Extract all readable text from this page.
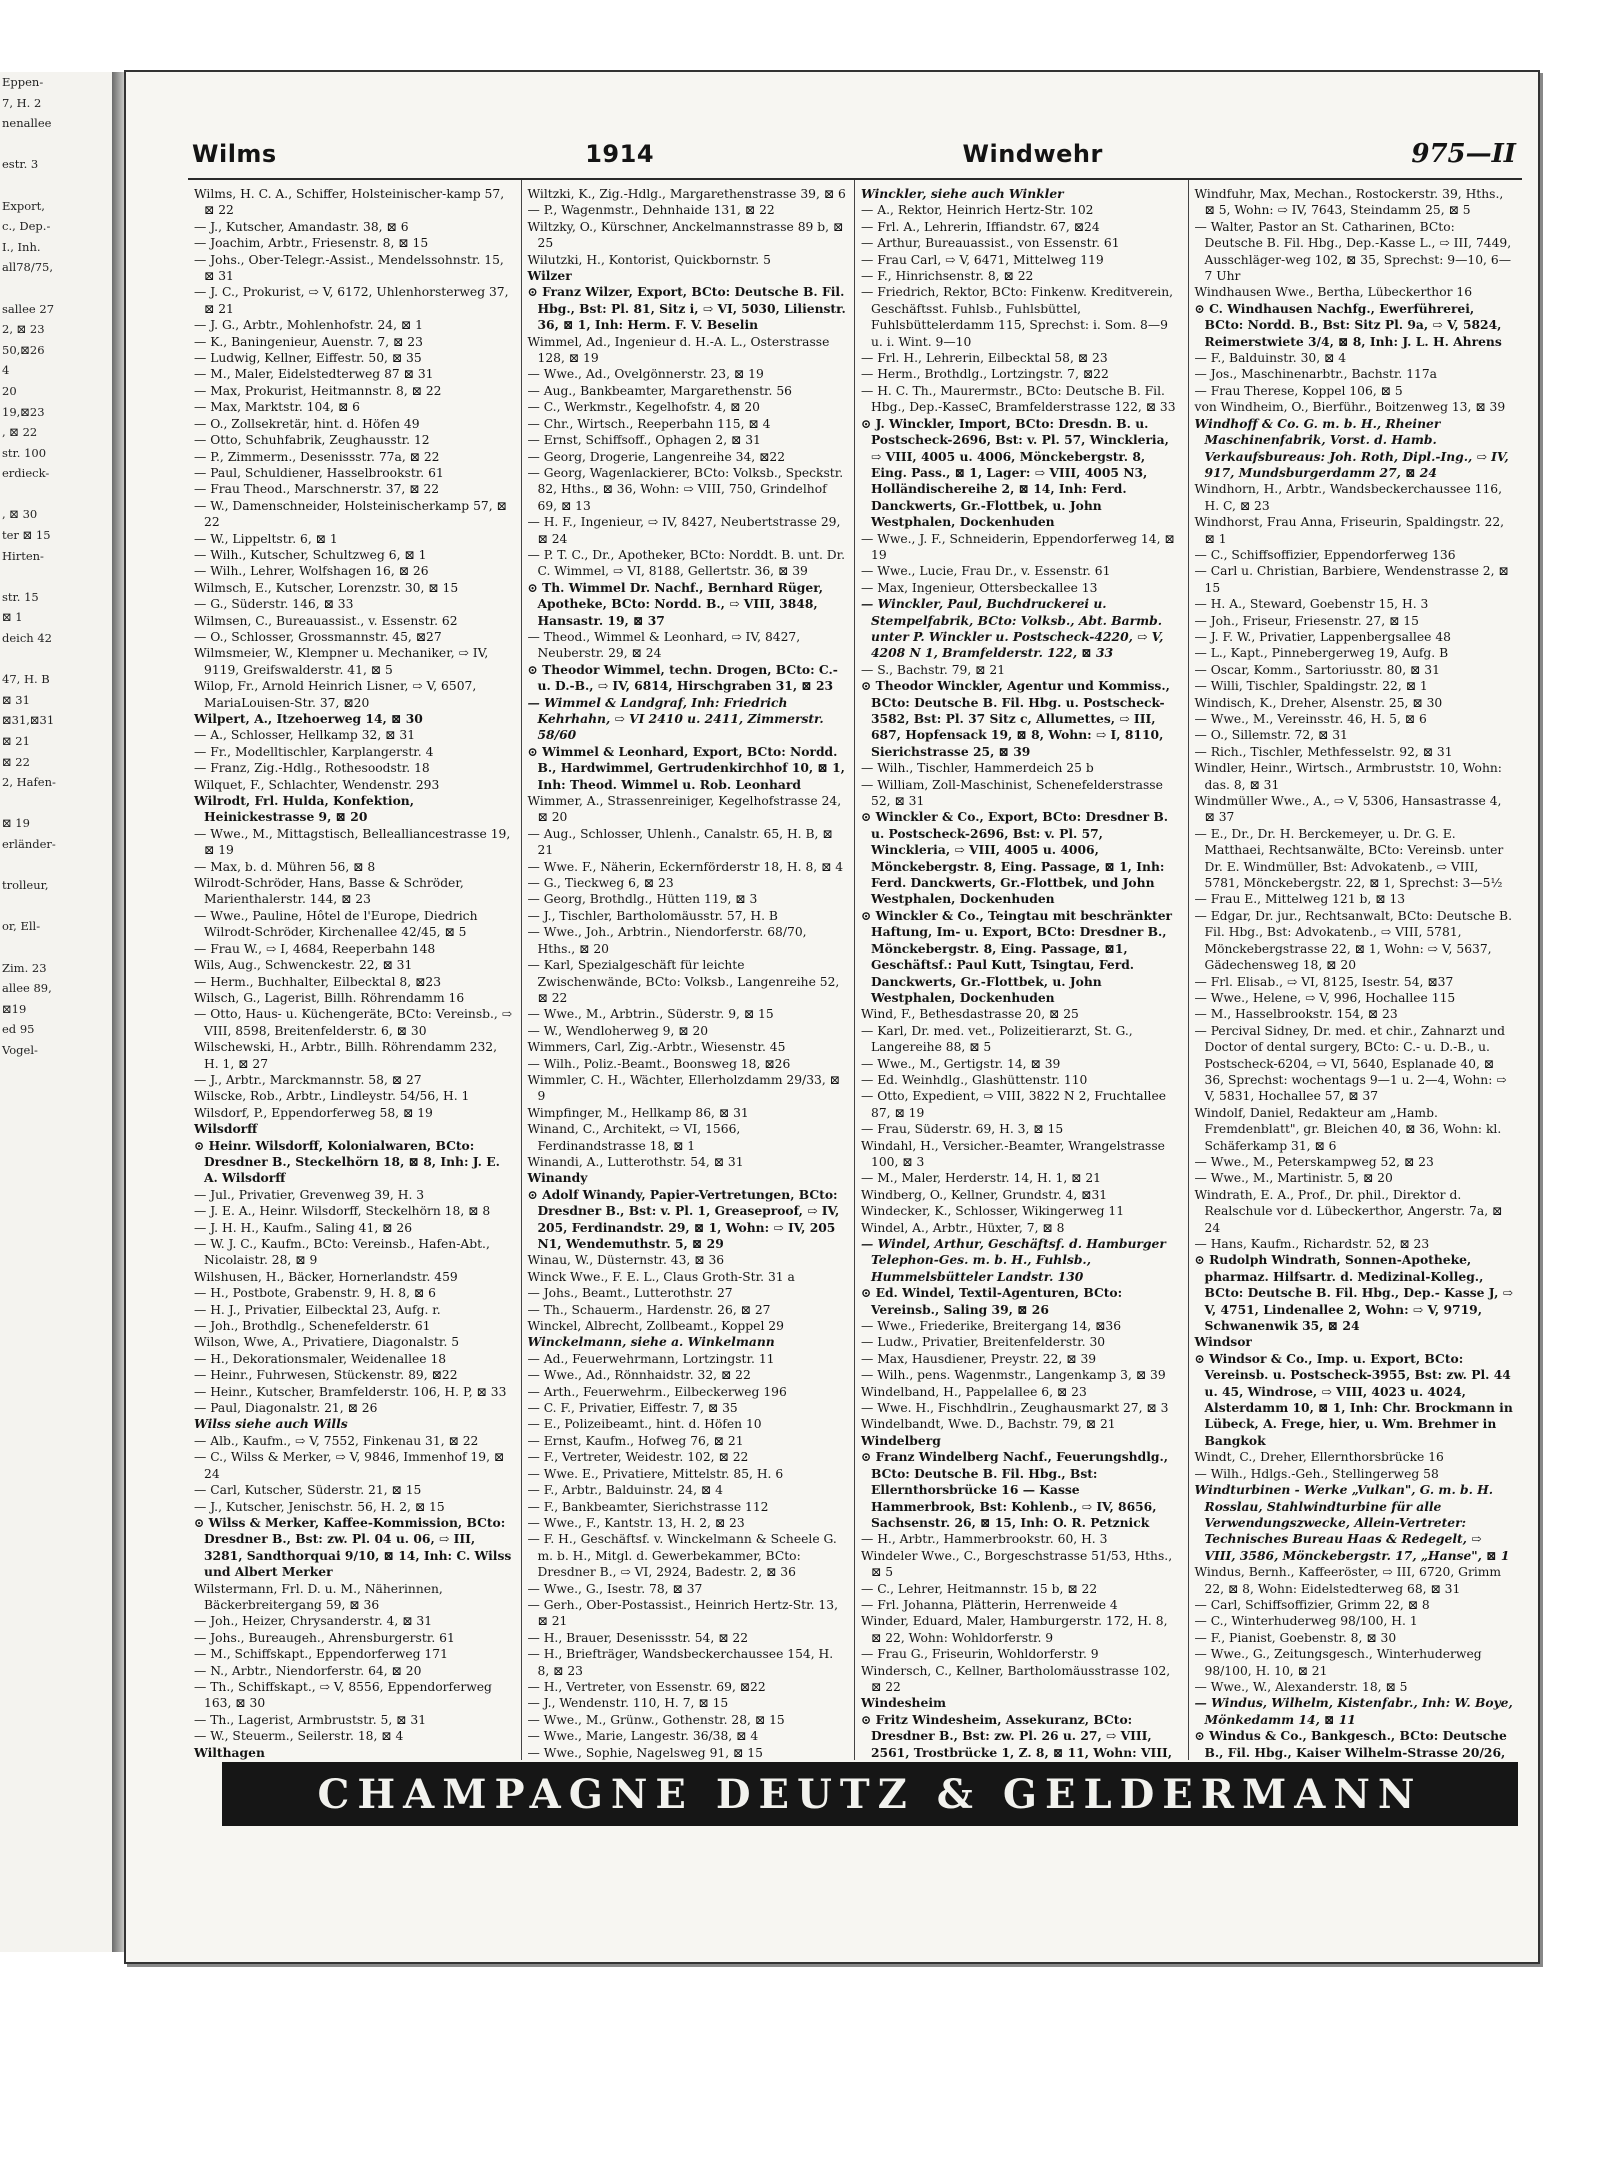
Eppen-
7, H. 2
nenallee

estr. 3

Export,
c., Dep.-
I., Inh.
all78/75,

sallee 27
2, ⊠ 23
50,⊠26
4
20
19,⊠23
, ⊠ 22
str. 100
erdieck-

, ⊠ 30
ter ⊠ 15
Hirten-

str. 15
⊠ 1
deich 42

47, H. B
⊠ 31
⊠31,⊠31
⊠ 21
⊠ 22
2, Hafen-

⊠ 19
erländer-

trolleur,

or, Ell-

Zim. 23
allee 89,
⊠19
ed 95
Vogel-
Wilms	1914	Windwehr	975—II
Wilms, H. C. A., Schiffer, Holsteinischer-kamp 57, ⊠ 22
— J., Kutscher, Amandastr. 38, ⊠ 6
— Joachim, Arbtr., Friesenstr. 8, ⊠ 15
— Johs., Ober-Telegr.-Assist., Mendelssohnstr. 15, ⊠ 31
— J. C., Prokurist, ⇨ V, 6172, Uhlenhorsterweg 37, ⊠ 21
— J. G., Arbtr., Mohlenhofstr. 24, ⊠ 1
— K., Baningenieur, Auenstr. 7, ⊠ 23
— Ludwig, Kellner, Eiffestr. 50, ⊠ 35
— M., Maler, Eidelstedterweg 87 ⊠ 31
— Max, Prokurist, Heitmannstr. 8, ⊠ 22
— Max, Marktstr. 104, ⊠ 6
— O., Zollsekretär, hint. d. Höfen 49
— Otto, Schuhfabrik, Zeughausstr. 12
— P., Zimmerm., Desenissstr. 77a, ⊠ 22
— Paul, Schuldiener, Hasselbrookstr. 61
— Frau Theod., Marschnerstr. 37, ⊠ 22
— W., Damenschneider, Holsteinischerkamp 57, ⊠ 22
— W., Lippeltstr. 6, ⊠ 1
— Wilh., Kutscher, Schultzweg 6, ⊠ 1
— Wilh., Lehrer, Wolfshagen 16, ⊠ 26
Wilmsch, E., Kutscher, Lorenzstr. 30, ⊠ 15
— G., Süderstr. 146, ⊠ 33
Wilmsen, C., Bureauassist., v. Essenstr. 62
— O., Schlosser, Grossmannstr. 45, ⊠27
Wilmsmeier, W., Klempner u. Mechaniker, ⇨ IV, 9119, Greifswalderstr. 41, ⊠ 5
Wilop, Fr., Arnold Heinrich Lisner, ⇨ V, 6507, MariaLouisen-Str. 37, ⊠20
Wilpert, A., Itzehoerweg 14, ⊠ 30
— A., Schlosser, Hellkamp 32, ⊠ 31
— Fr., Modelltischler, Karplangerstr. 4
— Franz, Zig.-Hdlg., Rothesoodstr. 18
Wilquet, F., Schlachter, Wendenstr. 293
Wilrodt, Frl. Hulda, Konfektion, Heinickestrasse 9, ⊠ 20
— Wwe., M., Mittagstisch, Bellealliancestrasse 19, ⊠ 19
— Max, b. d. Mühren 56, ⊠ 8
Wilrodt-Schröder, Hans, Basse & Schröder, Marienthalerstr. 144, ⊠ 23
— Wwe., Pauline, Hôtel de l'Europe, Diedrich Wilrodt-Schröder, Kirchenallee 42/45, ⊠ 5
— Frau W., ⇨ I, 4684, Reeperbahn 148
Wils, Aug., Schwenckestr. 22, ⊠ 31
— Herm., Buchhalter, Eilbecktal 8, ⊠23
Wilsch, G., Lagerist, Billh. Röhrendamm 16
— Otto, Haus- u. Küchengeräte, BCto: Vereinsb., ⇨ VIII, 8598, Breitenfelderstr. 6, ⊠ 30
Wilschewski, H., Arbtr., Billh. Röhrendamm 232, H. 1, ⊠ 27
— J., Arbtr., Marckmannstr. 58, ⊠ 27
Wilscke, Rob., Arbtr., Lindleystr. 54/56, H. 1
Wilsdorf, P., Eppendorferweg 58, ⊠ 19
Wilsdorff
⊙ Heinr. Wilsdorff, Kolonialwaren, BCto: Dresdner B., Steckelhörn 18, ⊠ 8, Inh: J. E. A. Wilsdorff
— Jul., Privatier, Grevenweg 39, H. 3
— J. E. A., Heinr. Wilsdorff, Steckelhörn 18, ⊠ 8
— J. H. H., Kaufm., Saling 41, ⊠ 26
— W. J. C., Kaufm., BCto: Vereinsb., Hafen-Abt., Nicolaistr. 28, ⊠ 9
Wilshusen, H., Bäcker, Hornerlandstr. 459
— H., Postbote, Grabenstr. 9, H. 8, ⊠ 6
— H. J., Privatier, Eilbecktal 23, Aufg. r.
— Joh., Brothdlg., Schenefelderstr. 61
Wilson, Wwe, A., Privatiere, Diagonalstr. 5
— H., Dekorationsmaler, Weidenallee 18
— Heinr., Fuhrwesen, Stückenstr. 89, ⊠22
— Heinr., Kutscher, Bramfelderstr. 106, H. P, ⊠ 33
— Paul, Diagonalstr. 21, ⊠ 26
Wilss siehe auch Wills
— Alb., Kaufm., ⇨ V, 7552, Finkenau 31, ⊠ 22
— C., Wilss & Merker, ⇨ V, 9846, Immenhof 19, ⊠ 24
— Carl, Kutscher, Süderstr. 21, ⊠ 15
— J., Kutscher, Jenischstr. 56, H. 2, ⊠ 15
⊙ Wilss & Merker, Kaffee-Kommission, BCto: Dresdner B., Bst: zw. Pl. 04 u. 06, ⇨ III, 3281, Sandthorquai 9/10, ⊠ 14, Inh: C. Wilss und Albert Merker
Wilstermann, Frl. D. u. M., Näherinnen, Bäckerbreitergang 59, ⊠ 36
— Joh., Heizer, Chrysanderstr. 4, ⊠ 31
— Johs., Bureaugeh., Ahrensburgerstr. 61
— M., Schiffskapt., Eppendorferweg 171
— N., Arbtr., Niendorferstr. 64, ⊠ 20
— Th., Schiffskapt., ⇨ V, 8556, Eppendorferweg 163, ⊠ 30
— Th., Lagerist, Armbruststr. 5, ⊠ 31
— W., Steuerm., Seilerstr. 18, ⊠ 4
Wilthagen
Wiltzki, K., Zig.-Hdlg., Margarethenstrasse 39, ⊠ 6
— P., Wagenmstr., Dehnhaide 131, ⊠ 22
Wiltzky, O., Kürschner, Anckelmannstrasse 89 b, ⊠ 25
Wilutzki, H., Kontorist, Quickbornstr. 5
Wilzer
⊙ Franz Wilzer, Export, BCto: Deutsche B. Fil. Hbg., Bst: Pl. 81, Sitz i, ⇨ VI, 5030, Lilienstr. 36, ⊠ 1, Inh: Herm. F. V. Beselin
Wimmel, Ad., Ingenieur d. H.-A. L., Osterstrasse 128, ⊠ 19
— Wwe., Ad., Ovelgönnerstr. 23, ⊠ 19
— Aug., Bankbeamter, Margarethenstr. 56
— C., Werkmstr., Kegelhofstr. 4, ⊠ 20
— Chr., Wirtsch., Reeperbahn 115, ⊠ 4
— Ernst, Schiffsoff., Ophagen 2, ⊠ 31
— Georg, Drogerie, Langenreihe 34, ⊠22
— Georg, Wagenlackierer, BCto: Volksb., Speckstr. 82, Hths., ⊠ 36, Wohn: ⇨ VIII, 750, Grindelhof 69, ⊠ 13
— H. F., Ingenieur, ⇨ IV, 8427, Neubertstrasse 29, ⊠ 24
— P. T. C., Dr., Apotheker, BCto: Norddt. B. unt. Dr. C. Wimmel, ⇨ VI, 8188, Gellertstr. 36, ⊠ 39
⊙ Th. Wimmel Dr. Nachf., Bernhard Rüger, Apotheke, BCto: Nordd. B., ⇨ VIII, 3848, Hansastr. 19, ⊠ 37
— Theod., Wimmel & Leonhard, ⇨ IV, 8427, Neuberstr. 29, ⊠ 24
⊙ Theodor Wimmel, techn. Drogen, BCto: C.- u. D.-B., ⇨ IV, 6814, Hirschgraben 31, ⊠ 23
— Wimmel & Landgraf, Inh: Friedrich Kehrhahn, ⇨ VI 2410 u. 2411, Zimmerstr. 58/60
⊙ Wimmel & Leonhard, Export, BCto: Nordd. B., Hardwimmel, Gertrudenkirchhof 10, ⊠ 1, Inh: Theod. Wimmel u. Rob. Leonhard
Wimmer, A., Strassenreiniger, Kegelhofstrasse 24, ⊠ 20
— Aug., Schlosser, Uhlenh., Canalstr. 65, H. B, ⊠ 21
— Wwe. F., Näherin, Eckernförderstr 18, H. 8, ⊠ 4
— G., Tieckweg 6, ⊠ 23
— Georg, Brothdlg., Hütten 119, ⊠ 3
— J., Tischler, Bartholomäusstr. 57, H. B
— Wwe., Joh., Arbtrin., Niendorferstr. 68/70, Hths., ⊠ 20
— Karl, Spezialgeschäft für leichte Zwischenwände, BCto: Volksb., Langenreihe 52, ⊠ 22
— Wwe., M., Arbtrin., Süderstr. 9, ⊠ 15
— W., Wendloherweg 9, ⊠ 20
Wimmers, Carl, Zig.-Arbtr., Wiesenstr. 45
— Wilh., Poliz.-Beamt., Boonsweg 18, ⊠26
Wimmler, C. H., Wächter, Ellerholzdamm 29/33, ⊠ 9
Wimpfinger, M., Hellkamp 86, ⊠ 31
Winand, C., Architekt, ⇨ VI, 1566, Ferdinandstrasse 18, ⊠ 1
Winandi, A., Lutterothstr. 54, ⊠ 31
Winandy
⊙ Adolf Winandy, Papier-Vertretungen, BCto: Dresdner B., Bst: v. Pl. 1, Greaseproof, ⇨ IV, 205, Ferdinandstr. 29, ⊠ 1, Wohn: ⇨ IV, 205 N1, Wendemuthstr. 5, ⊠ 29
Winau, W., Düsternstr. 43, ⊠ 36
Winck Wwe., F. E. L., Claus Groth-Str. 31 a
— Johs., Beamt., Lutterothstr. 27
— Th., Schauerm., Hardenstr. 26, ⊠ 27
Winckel, Albrecht, Zollbeamt., Koppel 29
Winckelmann, siehe a. Winkelmann
— Ad., Feuerwehrmann, Lortzingstr. 11
— Wwe., Ad., Rönnhaidstr. 32, ⊠ 22
— Arth., Feuerwehrm., Eilbeckerweg 196
— C. F., Privatier, Eiffestr. 7, ⊠ 35
— E., Polizeibeamt., hint. d. Höfen 10
— Ernst, Kaufm., Hofweg 76, ⊠ 21
— F., Vertreter, Weidestr. 102, ⊠ 22
— Wwe. E., Privatiere, Mittelstr. 85, H. 6
— F., Arbtr., Balduinstr. 24, ⊠ 4
— F., Bankbeamter, Sierichstrasse 112
— Wwe., F., Kantstr. 13, H. 2, ⊠ 23
— F. H., Geschäftsf. v. Winckelmann & Scheele G. m. b. H., Mitgl. d. Gewerbekammer, BCto: Dresdner B., ⇨ VI, 2924, Badestr. 2, ⊠ 36
— Wwe., G., Isestr. 78, ⊠ 37
— Gerh., Ober-Postassist., Heinrich Hertz-Str. 13, ⊠ 21
— H., Brauer, Desenissstr. 54, ⊠ 22
— H., Briefträger, Wandsbeckerchaussee 154, H. 8, ⊠ 23
— H., Vertreter, von Essenstr. 69, ⊠22
— J., Wendenstr. 110, H. 7, ⊠ 15
— Wwe., M., Grünw., Gothenstr. 28, ⊠ 15
— Wwe., Marie, Langestr. 36/38, ⊠ 4
— Wwe., Sophie, Nagelsweg 91, ⊠ 15
Winckler, siehe auch Winkler
— A., Rektor, Heinrich Hertz-Str. 102
— Frl. A., Lehrerin, Iffiandstr. 67, ⊠24
— Arthur, Bureauassist., von Essenstr. 61
— Frau Carl, ⇨ V, 6471, Mittelweg 119
— F., Hinrichsenstr. 8, ⊠ 22
— Friedrich, Rektor, BCto: Finkenw. Kreditverein, Geschäftsst. Fuhlsb., Fuhlsbüttel, Fuhlsbüttelerdamm 115, Sprechst: i. Som. 8—9 u. i. Wint. 9—10
— Frl. H., Lehrerin, Eilbecktal 58, ⊠ 23
— Herm., Brothdlg., Lortzingstr. 7, ⊠22
— H. C. Th., Maurermstr., BCto: Deutsche B. Fil. Hbg., Dep.-KasseC, Bramfelderstrasse 122, ⊠ 33
⊙ J. Winckler, Import, BCto: Dresdn. B. u. Postscheck-2696, Bst: v. Pl. 57, Winckleria, ⇨ VIII, 4005 u. 4006, Mönckebergstr. 8, Eing. Pass., ⊠ 1, Lager: ⇨ VIII, 4005 N3, Holländischereihe 2, ⊠ 14, Inh: Ferd. Danckwerts, Gr.-Flottbek, u. John Westphalen, Dockenhuden
— Wwe., J. F., Schneiderin, Eppendorferweg 14, ⊠ 19
— Wwe., Lucie, Frau Dr., v. Essenstr. 61
— Max, Ingenieur, Ottersbeckallee 13
— Winckler, Paul, Buchdruckerei u. Stempelfabrik, BCto: Volksb., Abt. Barmb. unter P. Winckler u. Postscheck-4220, ⇨ V, 4208 N 1, Bramfelderstr. 122, ⊠ 33
— S., Bachstr. 79, ⊠ 21
⊙ Theodor Winckler, Agentur und Kommiss., BCto: Deutsche B. Fil. Hbg. u. Postscheck-3582, Bst: Pl. 37 Sitz c, Allumettes, ⇨ III, 687, Hopfensack 19, ⊠ 8, Wohn: ⇨ I, 8110, Sierichstrasse 25, ⊠ 39
— Wilh., Tischler, Hammerdeich 25 b
— William, Zoll-Maschinist, Schenefelderstrasse 52, ⊠ 31
⊙ Winckler & Co., Export, BCto: Dresdner B. u. Postscheck-2696, Bst: v. Pl. 57, Winckleria, ⇨ VIII, 4005 u. 4006, Mönckebergstr. 8, Eing. Passage, ⊠ 1, Inh: Ferd. Danckwerts, Gr.-Flottbek, und John Westphalen, Dockenhuden
⊙ Winckler & Co., Teingtau mit beschränkter Haftung, Im- u. Export, BCto: Dresdner B., Mönckebergstr. 8, Eing. Passage, ⊠1, Geschäftsf.: Paul Kutt, Tsingtau, Ferd. Danckwerts, Gr.-Flottbek, u. John Westphalen, Dockenhuden
Wind, F., Bethesdastrasse 20, ⊠ 25
— Karl, Dr. med. vet., Polizeitierarzt, St. G., Langereihe 88, ⊠ 5
— Wwe., M., Gertigstr. 14, ⊠ 39
— Ed. Weinhdlg., Glashüttenstr. 110
— Otto, Expedient, ⇨ VIII, 3822 N 2, Fruchtallee 87, ⊠ 19
— Frau, Süderstr. 69, H. 3, ⊠ 15
Windahl, H., Versicher.-Beamter, Wrangelstrasse 100, ⊠ 3
— M., Maler, Herderstr. 14, H. 1, ⊠ 21
Windberg, O., Kellner, Grundstr. 4, ⊠31
Windecker, K., Schlosser, Wikingerweg 11
Windel, A., Arbtr., Hüxter, 7, ⊠ 8
— Windel, Arthur, Geschäftsf. d. Hamburger Telephon-Ges. m. b. H., Fuhlsb., Hummelsbütteler Landstr. 130
⊙ Ed. Windel, Textil-Agenturen, BCto: Vereinsb., Saling 39, ⊠ 26
— Wwe., Friederike, Breitergang 14, ⊠36
— Ludw., Privatier, Breitenfelderstr. 30
— Max, Hausdiener, Preystr. 22, ⊠ 39
— Wilh., pens. Wagenmstr., Langenkamp 3, ⊠ 39
Windelband, H., Pappelallee 6, ⊠ 23
— Wwe. H., Fischhdlrin., Zeughausmarkt 27, ⊠ 3
Windelbandt, Wwe. D., Bachstr. 79, ⊠ 21
Windelberg
⊙ Franz Windelberg Nachf., Feuerungshdlg., BCto: Deutsche B. Fil. Hbg., Bst: Ellernthorsbrücke 16 — Kasse Hammerbrook, Bst: Kohlenb., ⇨ IV, 8656, Sachsenstr. 26, ⊠ 15, Inh: O. R. Petznick
— H., Arbtr., Hammerbrookstr. 60, H. 3
Windeler Wwe., C., Borgeschstrasse 51/53, Hths., ⊠ 5
— C., Lehrer, Heitmannstr. 15 b, ⊠ 22
— Frl. Johanna, Plätterin, Herrenweide 4
Winder, Eduard, Maler, Hamburgerstr. 172, H. 8, ⊠ 22, Wohn: Wohldorferstr. 9
— Frau G., Friseurin, Wohldorferstr. 9
Windersch, C., Kellner, Bartholomäusstrasse 102, ⊠ 22
Windesheim
⊙ Fritz Windesheim, Assekuranz, BCto: Dresdner B., Bst: zw. Pl. 26 u. 27, ⇨ VIII, 2561, Trostbrücke 1, Z. 8, ⊠ 11, Wohn: VIII,
Windfuhr, Max, Mechan., Rostockerstr. 39, Hths., ⊠ 5, Wohn: ⇨ IV, 7643, Steindamm 25, ⊠ 5
— Walter, Pastor an St. Catharinen, BCto: Deutsche B. Fil. Hbg., Dep.-Kasse L., ⇨ III, 7449, Ausschläger-weg 102, ⊠ 35, Sprechst: 9—10, 6—7 Uhr
Windhausen Wwe., Bertha, Lübeckerthor 16
⊙ C. Windhausen Nachfg., Ewerführerei, BCto: Nordd. B., Bst: Sitz Pl. 9a, ⇨ V, 5824, Reimerstwiete 3/4, ⊠ 8, Inh: J. L. H. Ahrens
— F., Balduinstr. 30, ⊠ 4
— Jos., Maschinenarbtr., Bachstr. 117a
— Frau Therese, Koppel 106, ⊠ 5
von Windheim, O., Bierführ., Boitzenweg 13, ⊠ 39
Windhoff & Co. G. m. b. H., Rheiner Maschinenfabrik, Vorst. d. Hamb. Verkaufsbureaus: Joh. Roth, Dipl.-Ing., ⇨ IV, 917, Mundsburgerdamm 27, ⊠ 24
Windhorn, H., Arbtr., Wandsbeckerchaussee 116, H. C, ⊠ 23
Windhorst, Frau Anna, Friseurin, Spaldingstr. 22, ⊠ 1
— C., Schiffsoffizier, Eppendorferweg 136
— Carl u. Christian, Barbiere, Wendenstrasse 2, ⊠ 15
— H. A., Steward, Goebenstr 15, H. 3
— Joh., Friseur, Friesenstr. 27, ⊠ 15
— J. F. W., Privatier, Lappenbergsallee 48
— L., Kapt., Pinnebergerweg 19, Aufg. B
— Oscar, Komm., Sartoriusstr. 80, ⊠ 31
— Willi, Tischler, Spaldingstr. 22, ⊠ 1
Windisch, K., Dreher, Alsenstr. 25, ⊠ 30
— Wwe., M., Vereinsstr. 46, H. 5, ⊠ 6
— O., Sillemstr. 72, ⊠ 31
— Rich., Tischler, Methfesselstr. 92, ⊠ 31
Windler, Heinr., Wirtsch., Armbruststr. 10, Wohn: das. 8, ⊠ 31
Windmüller Wwe., A., ⇨ V, 5306, Hansastrasse 4, ⊠ 37
— E., Dr., Dr. H. Berckemeyer, u. Dr. G. E. Matthaei, Rechtsanwälte, BCto: Vereinsb. unter Dr. E. Windmüller, Bst: Advokatenb., ⇨ VIII, 5781, Mönckebergstr. 22, ⊠ 1, Sprechst: 3—5½
— Frau E., Mittelweg 121 b, ⊠ 13
— Edgar, Dr. jur., Rechtsanwalt, BCto: Deutsche B. Fil. Hbg., Bst: Advokatenb., ⇨ VIII, 5781, Mönckebergstrasse 22, ⊠ 1, Wohn: ⇨ V, 5637, Gädechensweg 18, ⊠ 20
— Frl. Elisab., ⇨ VI, 8125, Isestr. 54, ⊠37
— Wwe., Helene, ⇨ V, 996, Hochallee 115
— M., Hasselbrookstr. 154, ⊠ 23
— Percival Sidney, Dr. med. et chir., Zahnarzt und Doctor of dental surgery, BCto: C.- u. D.-B., u. Postscheck-6204, ⇨ VI, 5640, Esplanade 40, ⊠ 36, Sprechst: wochentags 9—1 u. 2—4, Wohn: ⇨ V, 5831, Hochallee 57, ⊠ 37
Windolf, Daniel, Redakteur am „Hamb. Fremdenblatt", gr. Bleichen 40, ⊠ 36, Wohn: kl. Schäferkamp 31, ⊠ 6
— Wwe., M., Peterskampweg 52, ⊠ 23
— Wwe., M., Martinistr. 5, ⊠ 20
Windrath, E. A., Prof., Dr. phil., Direktor d. Realschule vor d. Lübeckerthor, Angerstr. 7a, ⊠ 24
— Hans, Kaufm., Richardstr. 52, ⊠ 23
⊙ Rudolph Windrath, Sonnen-Apotheke, pharmaz. Hilfsartr. d. Medizinal-Kolleg., BCto: Deutsche B. Fil. Hbg., Dep.- Kasse J, ⇨ V, 4751, Lindenallee 2, Wohn: ⇨ V, 9719, Schwanenwik 35, ⊠ 24
Windsor
⊙ Windsor & Co., Imp. u. Export, BCto: Vereinsb. u. Postscheck-3955, Bst: zw. Pl. 44 u. 45, Windrose, ⇨ VIII, 4023 u. 4024, Alsterdamm 10, ⊠ 1, Inh: Chr. Brockmann in Lübeck, A. Frege, hier, u. Wm. Brehmer in Bangkok
Windt, C., Dreher, Ellernthorsbrücke 16
— Wilh., Hdlgs.-Geh., Stellingerweg 58
Windturbinen - Werke „Vulkan", G. m. b. H. Rosslau, Stahlwindturbine für alle Verwendungszwecke, Allein-Vertreter: Technisches Bureau Haas & Redegelt, ⇨ VIII, 3586, Mönckebergstr. 17, „Hanse", ⊠ 1
Windus, Bernh., Kaffeeröster, ⇨ III, 6720, Grimm 22, ⊠ 8, Wohn: Eidelstedterweg 68, ⊠ 31
— Carl, Schiffsoffizier, Grimm 22, ⊠ 8
— C., Winterhuderweg 98/100, H. 1
— F., Pianist, Goebenstr. 8, ⊠ 30
— Wwe., G., Zeitungsgesch., Winterhuderweg 98/100, H. 10, ⊠ 21
— Wwe., W., Alexanderstr. 18, ⊠ 5
— Windus, Wilhelm, Kistenfabr., Inh: W. Boye, Mönkedamm 14, ⊠ 11
⊙ Windus & Co., Bankgesch., BCto: Deutsche B., Fil. Hbg., Kaiser Wilhelm-Strasse 20/26,
CHAMPAGNE DEUTZ & GELDERMANN
